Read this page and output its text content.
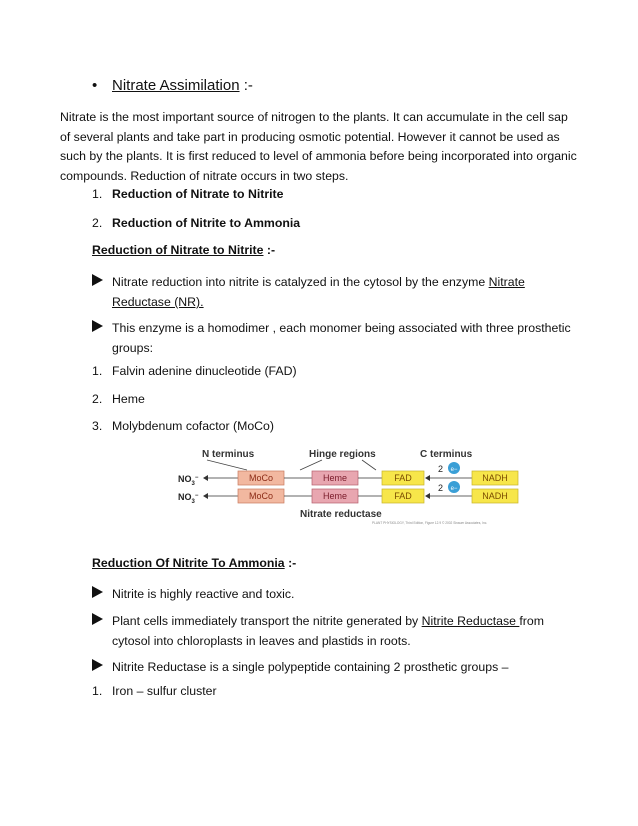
• Nitrate Assimilation :-

Nitrate is the most important source of nitrogen to the plants. It can accumulate in the cell sap of several plants and take part in producing osmotic potential. However it cannot be used as such by the plants. It is first reduced to level of ammonia before being incorporated into organic compounds. Reduction of nitrate occurs in two steps.

1. Reduction of Nitrate to Nitrite
2. Reduction of Nitrite to Ammonia
Reduction of Nitrate to Nitrite :-
Nitrate reduction into nitrite is catalyzed in the cytosol by the enzyme Nitrate Reductase (NR).
This enzyme is a homodimer , each monomer being associated with three prosthetic groups:
1. Falvin adenine dinucleotide (FAD)
2. Heme
3. Molybdenum cofactor (MoCo)
N terminus	Hinge regions	C terminus
$NO_3^-$	MoCo	Heme	FAD
2 e−
NADH
$NO_3^-$	MoCo	Heme	FAD
2 e−
NADH
Nitrate reductase
PLANT PHYSIOLOGY, Third Edition, Figure 12.9 © 2002 Sinauer Associates, Inc.
Reduction Of Nitrite To Ammonia :-
Nitrite is highly reactive and toxic.
Plant cells immediately transport the nitrite generated by Nitrite Reductase from cytosol into chloroplasts in leaves and plastids in roots.
Nitrite Reductase is a single polypeptide containing 2 prosthetic groups –
1. Iron – sulfur cluster
